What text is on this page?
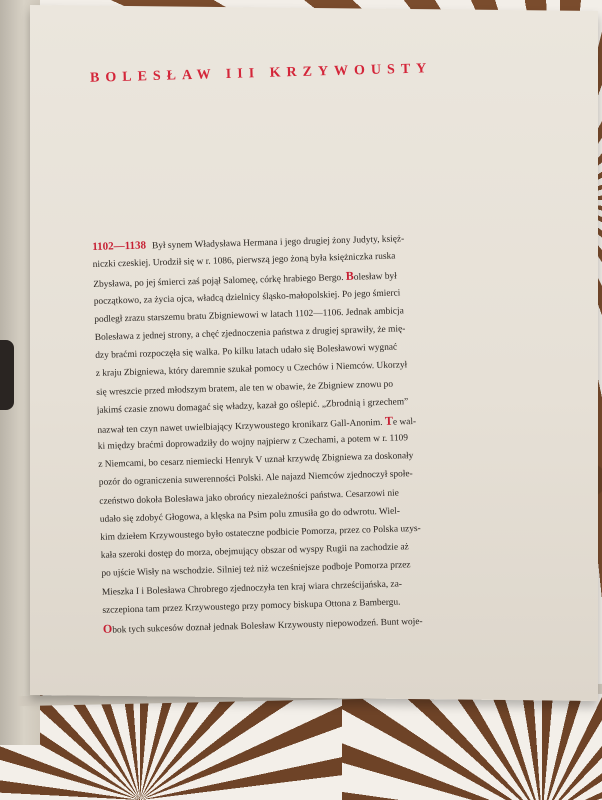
BOLESŁAW III KRZYWOUSTY
1102—1138 Był synem Władysława Hermana i jego drugiej żony Judyty, księż-
niczki czeskiej. Urodził się w r. 1086, pierwszą jego żoną była księżniczka ruska
Zbysława, po jej śmierci zaś pojął Salomeę, córkę hrabiego Bergo. Bolesław był
początkowo, za życia ojca, władcą dzielnicy śląsko-małopolskiej. Po jego śmierci
podległ zrazu starszemu bratu Zbigniewowi w latach 1102—1106. Jednak ambicja
Bolesława z jednej strony, a chęć zjednoczenia państwa z drugiej sprawiły, że mię-
dzy braćmi rozpoczęła się walka. Po kilku latach udało się Bolesławowi wygnać
z kraju Zbigniewa, który daremnie szukał pomocy u Czechów i Niemców. Ukorzył
się wreszcie przed młodszym bratem, ale ten w obawie, że Zbigniew znowu po
jakimś czasie znowu domagać się władzy, kazał go oślepić. „Zbrodnią i grzechem”
nazwał ten czyn nawet uwielbiający Krzywoustego kronikarz Gall-Anonim. Te wal-
ki między braćmi doprowadziły do wojny najpierw z Czechami, a potem w r. 1109
z Niemcami, bo cesarz niemiecki Henryk V uznał krzywdę Zbigniewa za doskonały
pozór do ograniczenia suwerenności Polski. Ale najazd Niemców zjednoczył społe-
czeństwo dokoła Bolesława jako obrońcy niezależności państwa. Cesarzowi nie
udało się zdobyć Głogowa, a klęska na Psim polu zmusiła go do odwrotu. Wiel-
kim dziełem Krzywoustego było ostateczne podbicie Pomorza, przez co Polska uzys-
kała szeroki dostęp do morza, obejmujący obszar od wyspy Rugii na zachodzie aż
po ujście Wisły na wschodzie. Silniej też niż wcześniejsze podboje Pomorza przez
Mieszka I i Bolesława Chrobrego zjednoczyła ten kraj wiara chrześcijańska, za-
szczepiona tam przez Krzywoustego przy pomocy biskupa Ottona z Bambergu.
Obok tych sukcesów doznał jednak Bolesław Krzywousty niepowodzeń. Bunt woje-
